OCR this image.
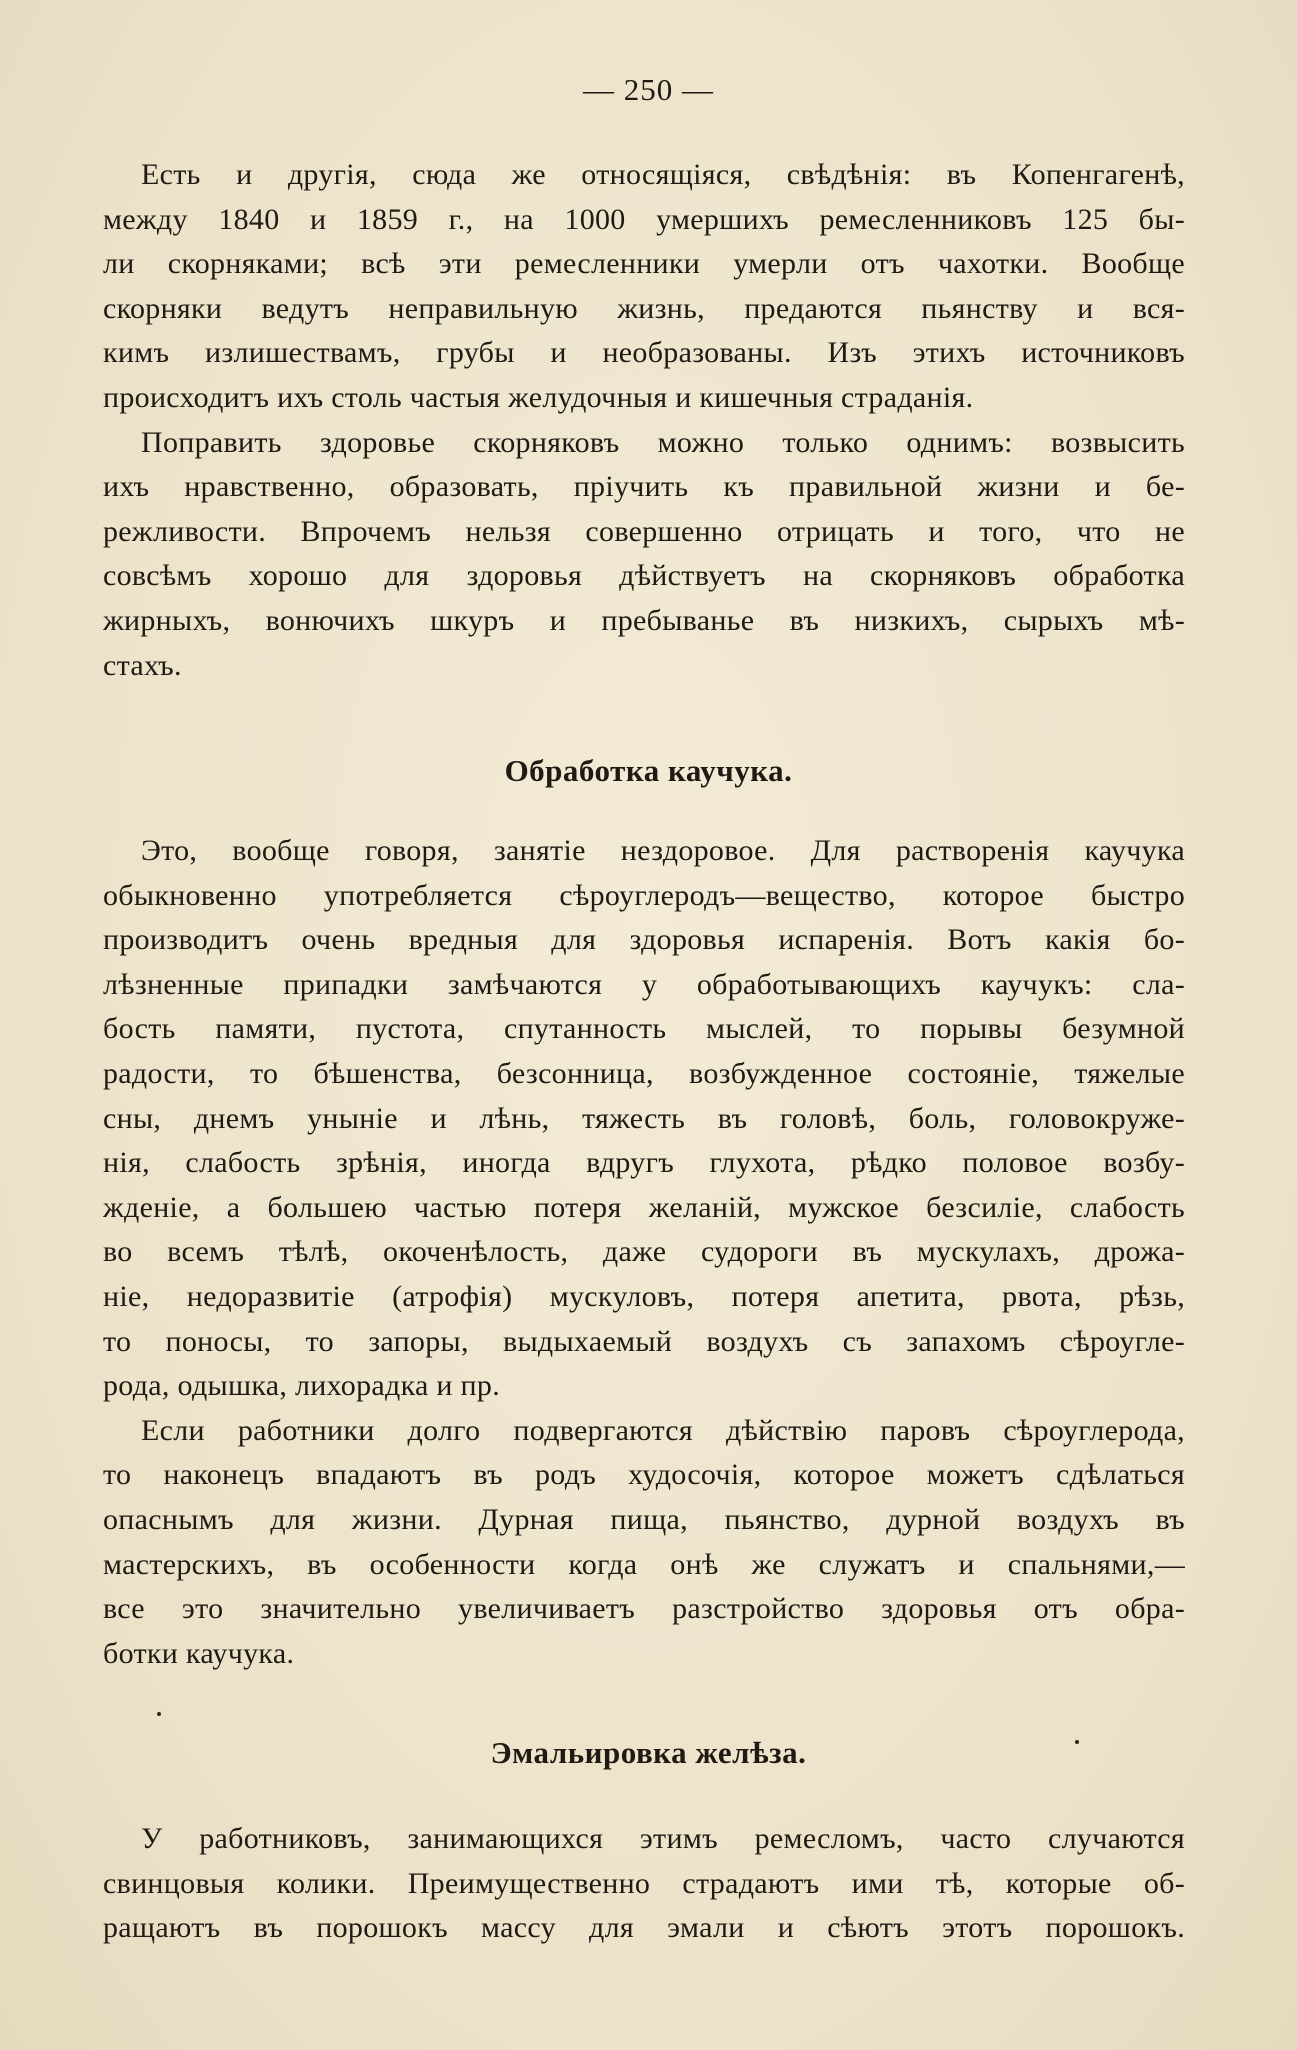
— 250 —
Есть и другія, сюда же относящіяся, свѣдѣнія: въ Копенгагенѣ,
между 1840 и 1859 г., на 1000 умершихъ ремесленниковъ 125 бы-
ли скорняками; всѣ эти ремесленники умерли отъ чахотки. Вообще
скорняки ведутъ неправильную жизнь, предаются пьянству и вся-
кимъ излишествамъ, грубы и необразованы. Изъ этихъ источниковъ
происходитъ ихъ столь частыя желудочныя и кишечныя страданія.
Поправить здоровье скорняковъ можно только однимъ: возвысить
ихъ нравственно, образовать, пріучить къ правильной жизни и бе-
режливости. Впрочемъ нельзя совершенно отрицать и того, что не
совсѣмъ хорошо для здоровья дѣйствуетъ на скорняковъ обработка
жирныхъ, вонючихъ шкуръ и пребыванье въ низкихъ, сырыхъ мѣ-
стахъ.
Обработка каучука.
Это, вообще говоря, занятіе нездоровое. Для растворенія каучука
обыкновенно употребляется сѣроуглеродъ—вещество, которое быстро
производитъ очень вредныя для здоровья испаренія. Вотъ какія бо-
лѣзненные припадки замѣчаются у обработывающихъ каучукъ: сла-
бость памяти, пустота, спутанность мыслей, то порывы безумной
радости, то бѣшенства, безсонница, возбужденное состояніе, тяжелые
сны, днемъ уныніе и лѣнь, тяжесть въ головѣ, боль, головокруже-
нія, слабость зрѣнія, иногда вдругъ глухота, рѣдко половое возбу-
жденіе, а большею частью потеря желаній, мужское безсиліе, слабость
во всемъ тѣлѣ, окоченѣлость, даже судороги въ мускулахъ, дрожа-
ніе, недоразвитіе (атрофія) мускуловъ, потеря апетита, рвота, рѣзь,
то поносы, то запоры, выдыхаемый воздухъ съ запахомъ сѣроугле-
рода, одышка, лихорадка и пр.
Если работники долго подвергаются дѣйствію паровъ сѣроуглерода,
то наконецъ впадаютъ въ родъ худосочія, которое можетъ сдѣлаться
опаснымъ для жизни. Дурная пища, пьянство, дурной воздухъ въ
мастерскихъ, въ особенности когда онѣ же служатъ и спальнями,—
все это значительно увеличиваетъ разстройство здоровья отъ обра-
ботки каучука.
Эмальировка желѣза.
У работниковъ, занимающихся этимъ ремесломъ, часто случаются
свинцовыя колики. Преимущественно страдаютъ ими тѣ, которые об-
ращаютъ въ порошокъ массу для эмали и сѣютъ этотъ порошокъ.
